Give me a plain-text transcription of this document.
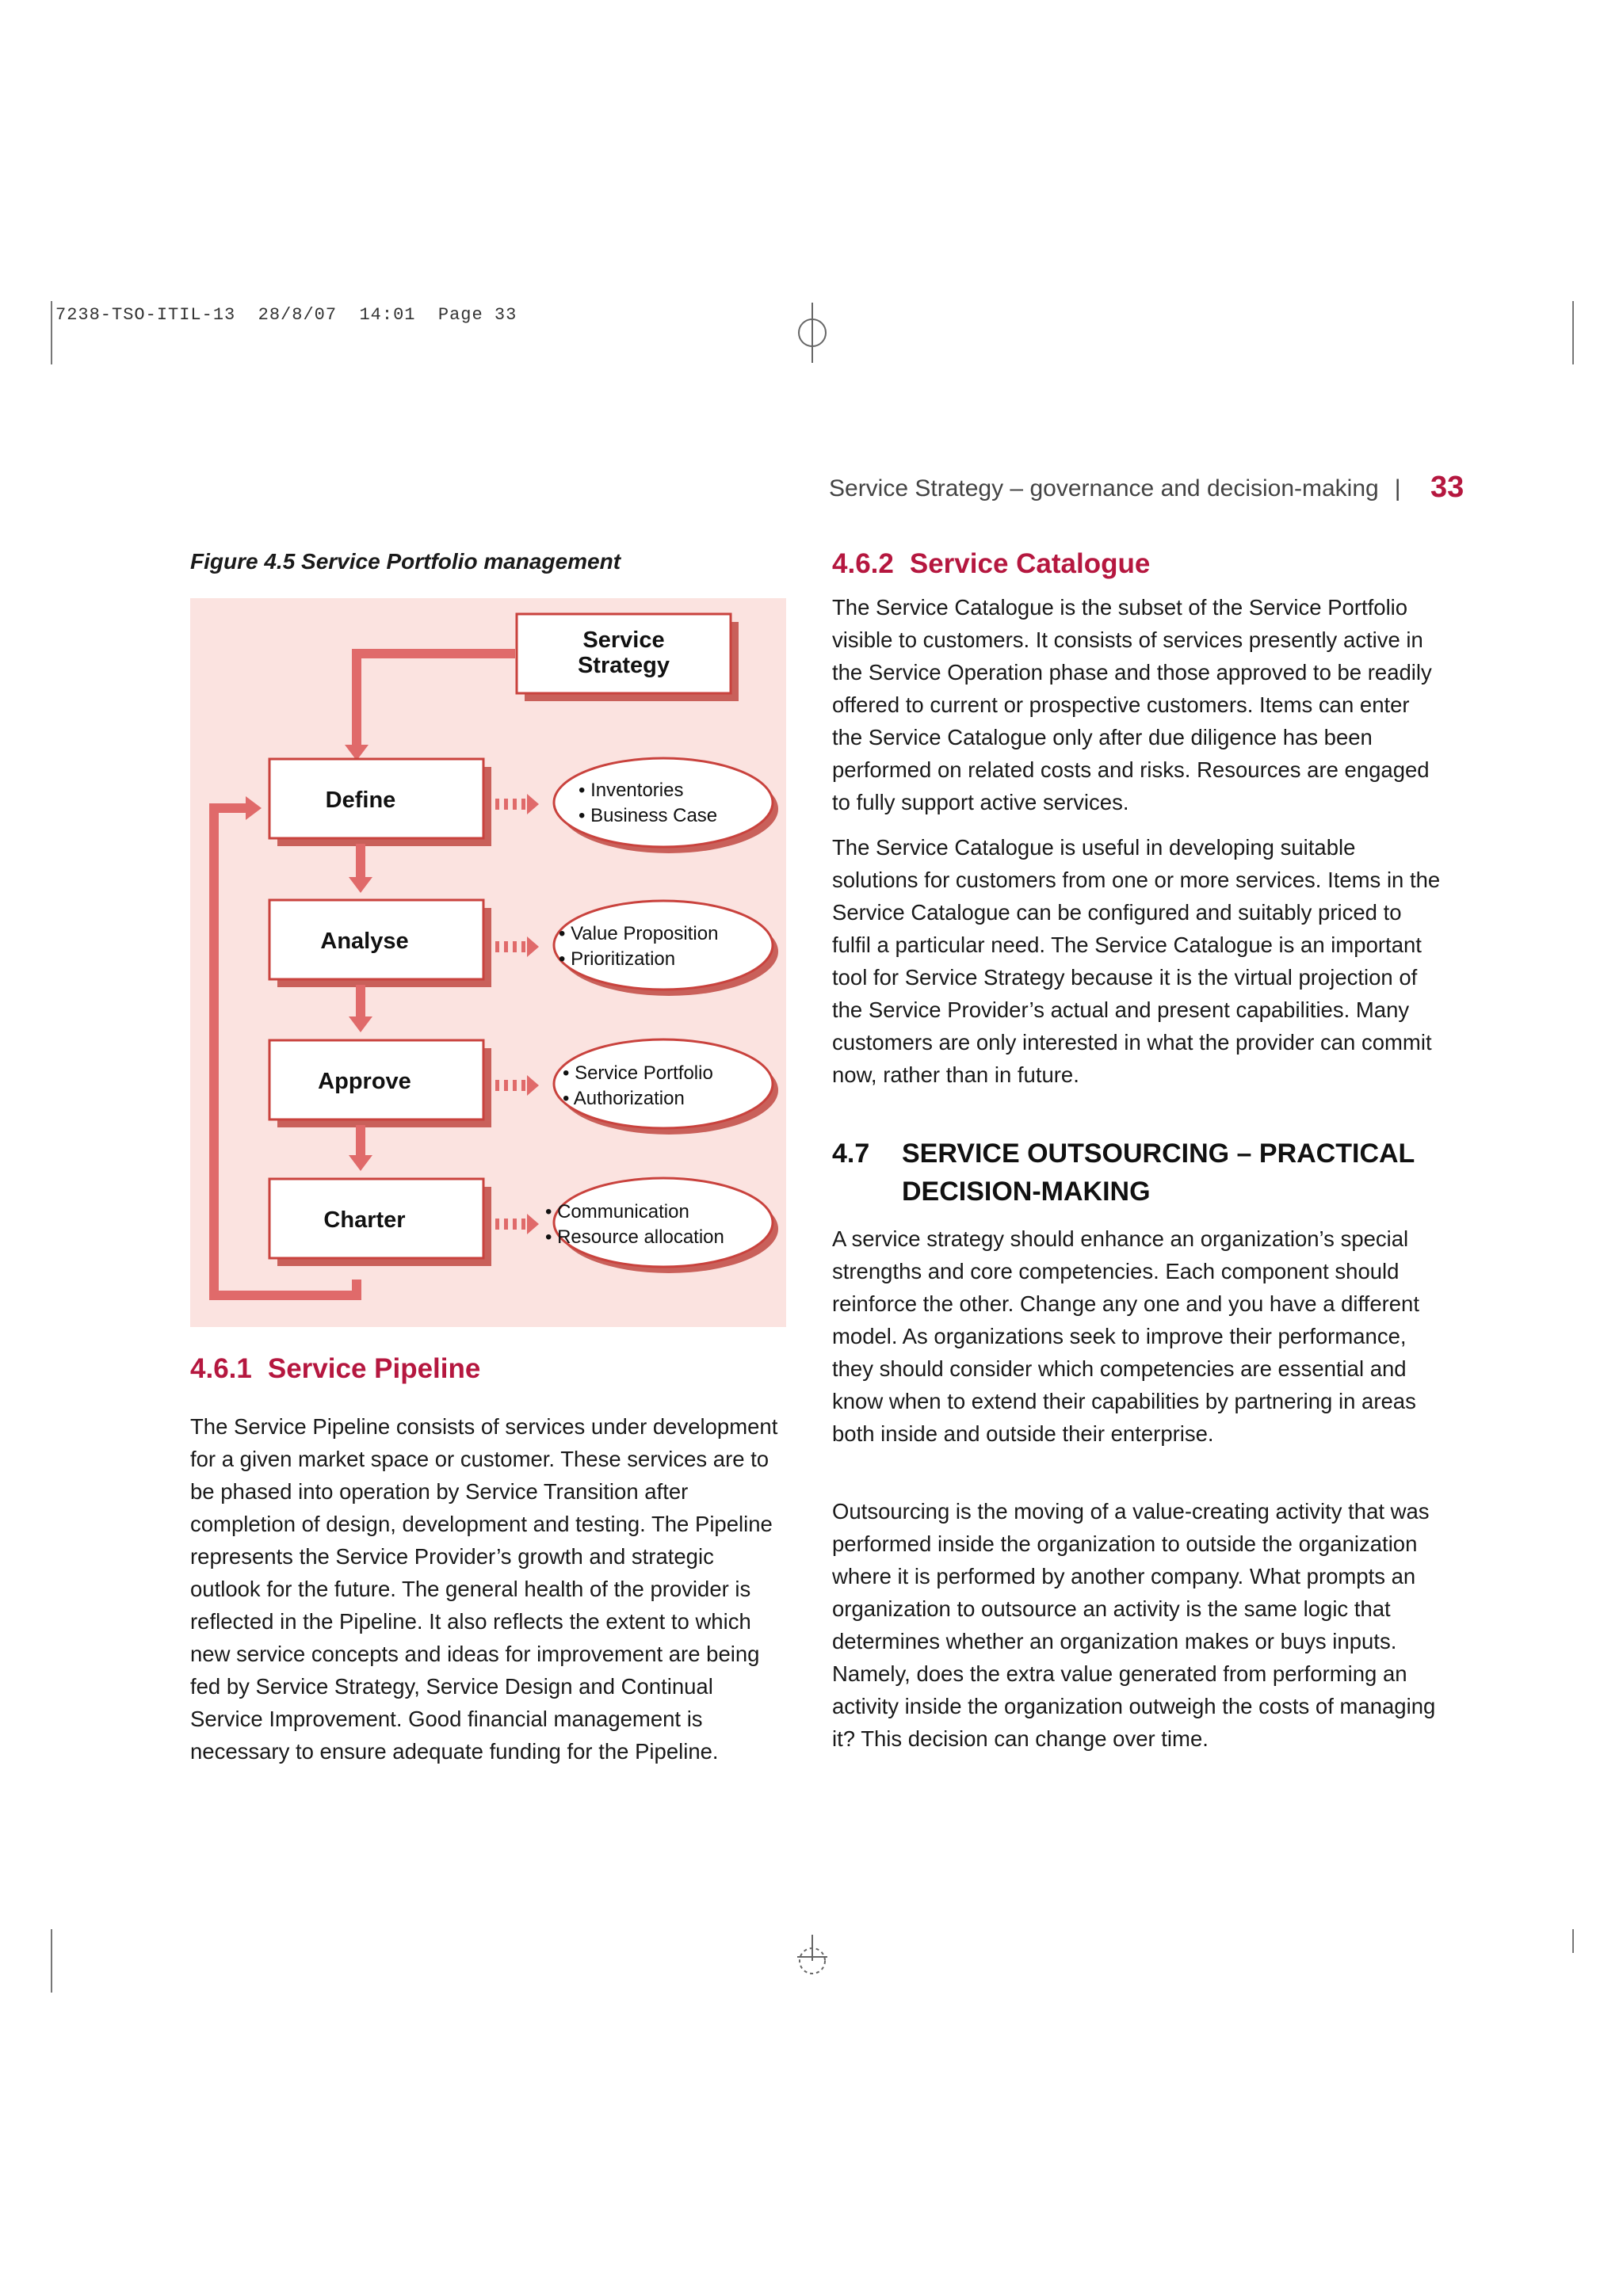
7238-TSO-ITIL-13  28/8/07  14:01  Page 33
Service Strategy – governance and decision-making | 33
Figure 4.5 Service Portfolio management
Service
Strategy
Define
Analyse
Approve
Charter
• Inventories
• Business Case
• Value Proposition
• Prioritization
• Service Portfolio
• Authorization
• Communication
• Resource allocation
4.6.1 Service Pipeline

The Service Pipeline consists of services under development for a given market space or customer. These services are to be phased into operation by Service Transition after completion of design, development and testing. The Pipeline represents the Service Provider’s growth and strategic outlook for the future. The general health of the provider is reflected in the Pipeline. It also reflects the extent to which new service concepts and ideas for improvement are being fed by Service Strategy, Service Design and Continual Service Improvement. Good financial management is necessary to ensure adequate funding for the Pipeline.

4.6.2 Service Catalogue

The Service Catalogue is the subset of the Service Portfolio visible to customers. It consists of services presently active in the Service Operation phase and those approved to be readily offered to current or prospective customers. Items can enter the Service Catalogue only after due diligence has been performed on related costs and risks. Resources are engaged to fully support active services.

The Service Catalogue is useful in developing suitable solutions for customers from one or more services. Items in the Service Catalogue can be configured and suitably priced to fulfil a particular need. The Service Catalogue is an important tool for Service Strategy because it is the virtual projection of the Service Provider’s actual and present capabilities. Many customers are only interested in what the provider can commit now, rather than in future.

4.7 SERVICE OUTSOURCING – PRACTICAL DECISION-MAKING

A service strategy should enhance an organization’s special strengths and core competencies. Each component should reinforce the other. Change any one and you have a different model. As organizations seek to improve their performance, they should consider which competencies are essential and know when to extend their capabilities by partnering in areas both inside and outside their enterprise.

Outsourcing is the moving of a value-creating activity that was performed inside the organization to outside the organization where it is performed by another company. What prompts an organization to outsource an activity is the same logic that determines whether an organization makes or buys inputs. Namely, does the extra value generated from performing an activity inside the organization outweigh the costs of managing it? This decision can change over time.
